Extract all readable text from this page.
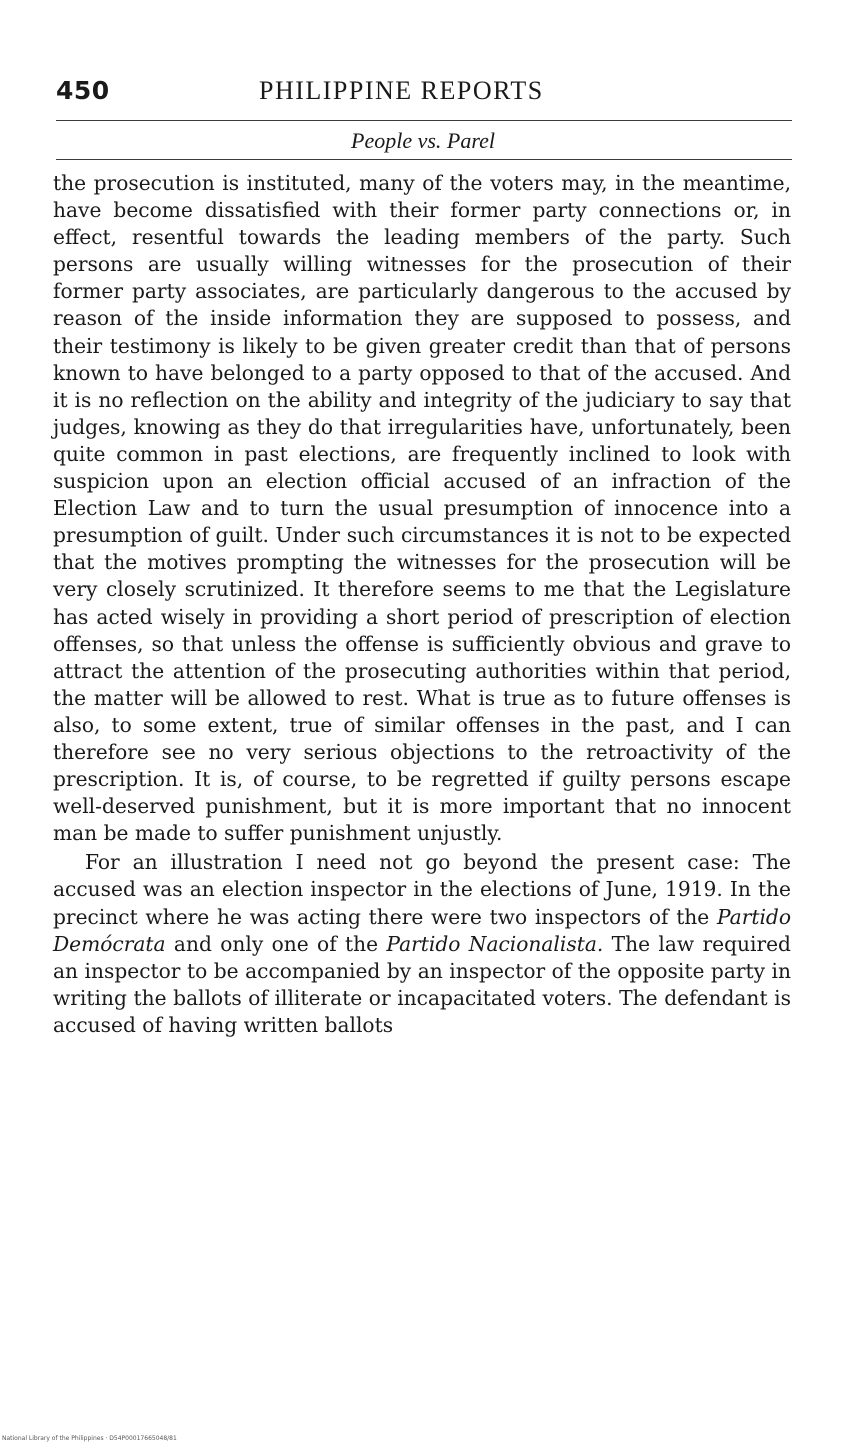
450	PHILIPPINE REPORTS
People vs. Parel

the prosecution is instituted, many of the voters may, in the meantime, have become dissatisfied with their former party connections or, in effect, resentful towards the leading members of the party. Such persons are usually willing witnesses for the prosecution of their former party associates, are particularly dangerous to the accused by reason of the inside information they are supposed to possess, and their testimony is likely to be given greater credit than that of persons known to have belonged to a party opposed to that of the accused. And it is no reflection on the ability and integrity of the judiciary to say that judges, knowing as they do that irregularities have, unfortunately, been quite common in past elections, are frequently inclined to look with suspicion upon an election official accused of an infraction of the Election Law and to turn the usual presumption of innocence into a presumption of guilt. Under such circumstances it is not to be expected that the motives prompting the witnesses for the prosecution will be very closely scrutinized. It therefore seems to me that the Legislature has acted wisely in providing a short period of prescription of election offenses, so that unless the offense is sufficiently obvious and grave to attract the attention of the prosecuting authorities within that period, the matter will be allowed to rest. What is true as to future offenses is also, to some extent, true of similar offenses in the past, and I can therefore see no very serious objections to the retroactivity of the prescription. It is, of course, to be regretted if guilty persons escape well-deserved punishment, but it is more important that no innocent man be made to suffer punishment unjustly.

For an illustration I need not go beyond the present case: The accused was an election inspector in the elections of June, 1919. In the precinct where he was acting there were two inspectors of the Partido Demócrata and only one of the Partido Nacionalista. The law required an inspector to be accompanied by an inspector of the opposite party in writing the ballots of illiterate or incapacitated voters. The defendant is accused of having written ballots

National Library of the Philippines · D54P00017665048/81
